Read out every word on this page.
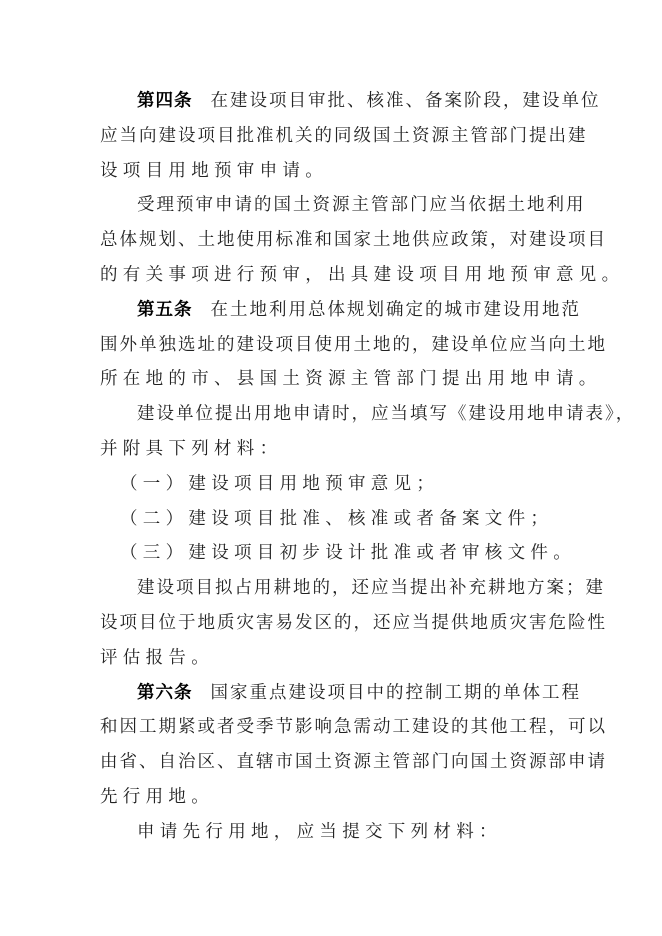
第四条 在建设项目审批、核准、备案阶段，建设单位
应当向建设项目批准机关的同级国土资源主管部门提出建
设项目用地预审申请。
受理预审申请的国土资源主管部门应当依据土地利用
总体规划、土地使用标准和国家土地供应政策，对建设项目
的有关事项进行预审，出具建设项目用地预审意见。
第五条 在土地利用总体规划确定的城市建设用地范
围外单独选址的建设项目使用土地的，建设单位应当向土地
所在地的市、县国土资源主管部门提出用地申请。
建设单位提出用地申请时，应当填写《建设用地申请表》，
并附具下列材料：
（一）建设项目用地预审意见；
（二）建设项目批准、核准或者备案文件；
（三）建设项目初步设计批准或者审核文件。
建设项目拟占用耕地的，还应当提出补充耕地方案；建
设项目位于地质灾害易发区的，还应当提供地质灾害危险性
评估报告。
第六条 国家重点建设项目中的控制工期的单体工程
和因工期紧或者受季节影响急需动工建设的其他工程，可以
由省、自治区、直辖市国土资源主管部门向国土资源部申请
先行用地。
申请先行用地，应当提交下列材料：
